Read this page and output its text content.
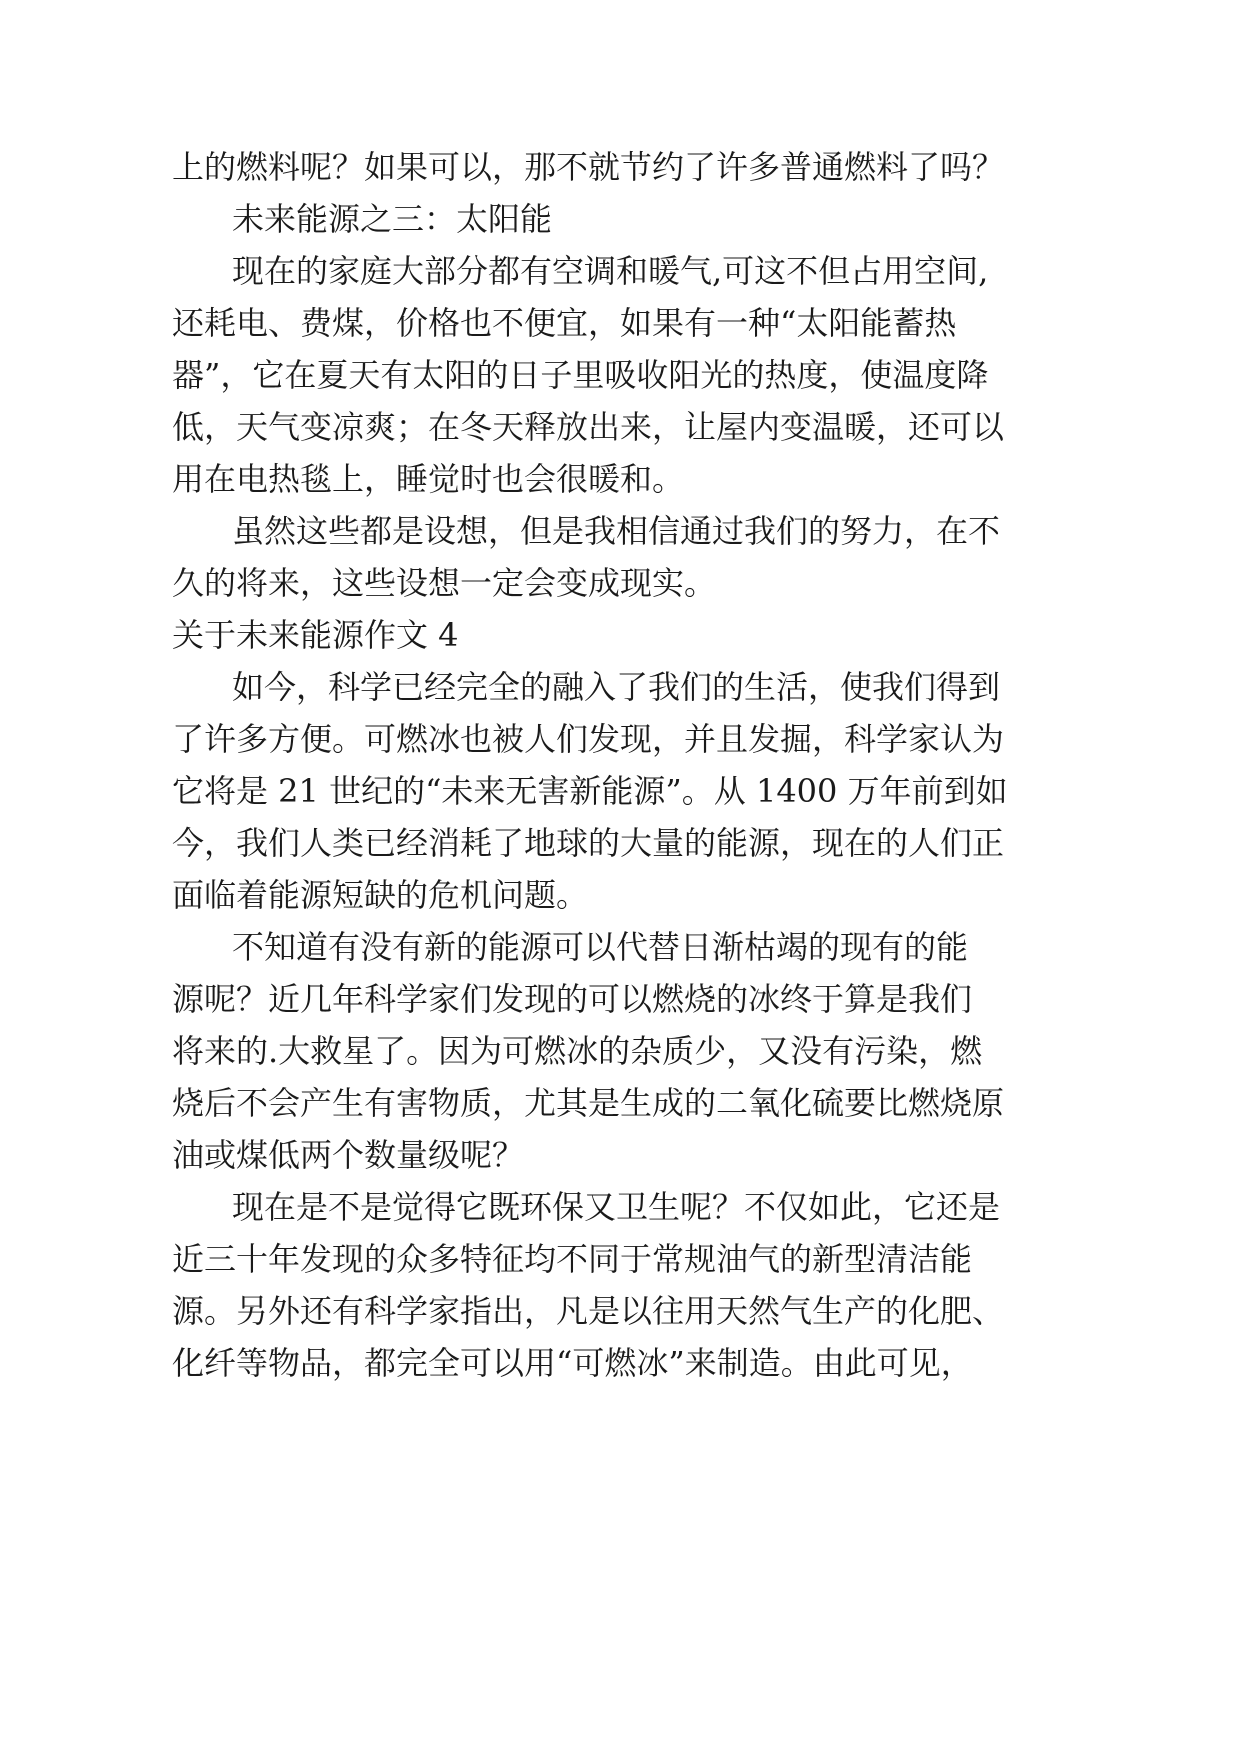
上的燃料呢？如果可以，那不就节约了许多普通燃料了吗？
未来能源之三：太阳能
现在的家庭大部分都有空调和暖气,可这不但占用空间,
还耗电、费煤，价格也不便宜，如果有一种“太阳能蓄热
器”，它在夏天有太阳的日子里吸收阳光的热度，使温度降
低，天气变凉爽；在冬天释放出来，让屋内变温暖，还可以
用在电热毯上，睡觉时也会很暖和。
虽然这些都是设想，但是我相信通过我们的努力，在不
久的将来，这些设想一定会变成现实。
关于未来能源作文 4
如今，科学已经完全的融入了我们的生活，使我们得到
了许多方便。可燃冰也被人们发现，并且发掘，科学家认为
它将是 21 世纪的“未来无害新能源”。从 1400 万年前到如
今，我们人类已经消耗了地球的大量的能源，现在的人们正
面临着能源短缺的危机问题。
不知道有没有新的能源可以代替日渐枯竭的现有的能
源呢？近几年科学家们发现的可以燃烧的冰终于算是我们
将来的.大救星了。因为可燃冰的杂质少，又没有污染，燃
烧后不会产生有害物质，尤其是生成的二氧化硫要比燃烧原
油或煤低两个数量级呢？
现在是不是觉得它既环保又卫生呢？不仅如此，它还是
近三十年发现的众多特征均不同于常规油气的新型清洁能
源。另外还有科学家指出，凡是以往用天然气生产的化肥、
化纤等物品，都完全可以用“可燃冰”来制造。由此可见，
